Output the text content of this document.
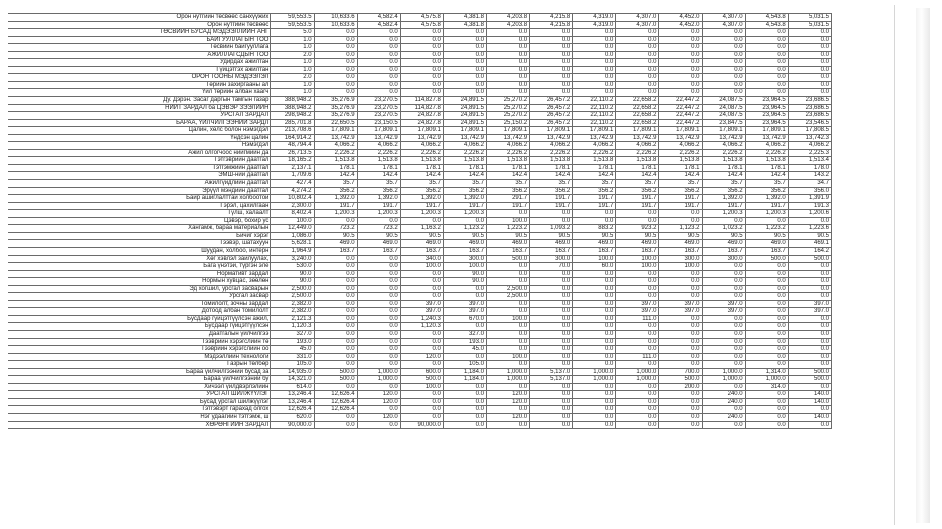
Орон нутгийн төсвөөс санхүүжих	59,553.5	10,633.6	4,582.4	4,575.8	4,381.8	4,203.8	4,215.8	4,319.0	4,307.0	4,452.0	4,307.0	4,543.8	5,031.5
Орон нутгийн төсвөөс	59,553.5	10,633.6	4,582.4	4,575.8	4,381.8	4,203.8	4,215.8	4,319.0	4,307.0	4,452.0	4,307.0	4,543.8	5,031.5
ТӨСВИЙН БУСАД МЭДЭЭЛЛИЙН АНГ	5.0	0.0	0.0	0.0	0.0	0.0	0.0	0.0	0.0	0.0	0.0	0.0	0.0
БАЙГУУЛЛАГЫН ТОО	1.0	0.0	0.0	0.0	0.0	0.0	0.0	0.0	0.0	0.0	0.0	0.0	0.0
Төсвийн байгууллага	1.0	0.0	0.0	0.0	0.0	0.0	0.0	0.0	0.0	0.0	0.0	0.0	0.0
АЖИЛЛАГСДЫН ТОО	2.0	0.0	0.0	0.0	0.0	0.0	0.0	0.0	0.0	0.0	0.0	0.0	0.0
Удирдах ажилтан	1.0	0.0	0.0	0.0	0.0	0.0	0.0	0.0	0.0	0.0	0.0	0.0	0.0
Гүйцэтгэх ажилтан	1.0	0.0	0.0	0.0	0.0	0.0	0.0	0.0	0.0	0.0	0.0	0.0	0.0
ОРОН ТООНЫ МЭДЭЭЛЭЛ	2.0	0.0	0.0	0.0	0.0	0.0	0.0	0.0	0.0	0.0	0.0	0.0	0.0
Төрийн захиргааны ал	1.0	0.0	0.0	0.0	0.0	0.0	0.0	0.0	0.0	0.0	0.0	0.0	0.0
Үйл төрийн албан хаагч	1.0	0.0	0.0	0.0	0.0	0.0	0.0	0.0	0.0	0.0	0.0	0.0	0.0
Ду. Дэрэн. Засаг даргын тамгын газар	388,948.2	35,276.9	23,270.5	114,827.8	24,891.5	25,270.2	26,457.2	22,110.2	22,658.2	22,447.2	24,087.5	23,964.5	23,686.5
НИЙТ ЗАРДАЛ ба ЦЭВЭР ЗЭЭЛИЙН	388,948.2	35,276.9	23,270.5	114,827.8	24,891.5	25,270.2	26,457.2	22,110.2	22,658.2	22,447.2	24,087.5	23,964.5	23,686.5
УРСГАЛ ЗАРДАЛ	298,948.2	35,276.9	23,270.5	24,827.8	24,891.5	25,270.2	26,457.2	22,110.2	22,658.2	22,447.2	24,087.5	23,964.5	23,686.5
БАРАА, ҮЙЛЧИЛГЭЭНИЙ ЗАРДЛ	285,701.8	22,650.5	23,150.5	24,827.8	24,891.5	25,150.2	26,457.2	22,110.2	22,658.2	22,447.2	23,847.5	23,964.5	23,546.5
Цалин, хөлс болон нэмэгдэл	213,708.6	17,809.1	17,809.1	17,809.1	17,809.1	17,809.1	17,809.1	17,809.1	17,809.1	17,809.1	17,809.1	17,809.1	17,808.5
Үндсэн цалин	164,914.2	13,742.9	13,742.9	13,742.9	13,742.9	13,742.9	13,742.9	13,742.9	13,742.9	13,742.9	13,742.9	13,742.9	13,742.3
Нэмэгдэл	48,794.4	4,066.2	4,066.2	4,066.2	4,066.2	4,066.2	4,066.2	4,066.2	4,066.2	4,066.2	4,066.2	4,066.2	4,066.2
Ажил олгогчоос нийгмийн да	26,713.5	2,226.2	2,226.2	2,226.2	2,226.2	2,226.2	2,226.2	2,226.2	2,226.2	2,226.2	2,226.2	2,226.2	2,225.3
Тэтгэврийн даатгал	18,165.2	1,513.8	1,513.8	1,513.8	1,513.8	1,513.8	1,513.8	1,513.8	1,513.8	1,513.8	1,513.8	1,513.8	1,513.4
Тэтгэмжийн даатгал	2,137.1	178.1	178.1	178.1	178.1	178.1	178.1	178.1	178.1	178.1	178.1	178.1	178.0
ЭМШ-ний даатгал	1,709.6	142.4	142.4	142.4	142.4	142.4	142.4	142.4	142.4	142.4	142.4	142.4	143.2
Ажилгүйдлийн даатгал	427.4	35.7	35.7	35.7	35.7	35.7	35.7	35.7	35.7	35.7	35.7	35.7	34.7
Эрүүл мэндийн даатгал	4,274.2	356.2	356.2	356.2	356.2	356.2	356.2	356.2	356.2	356.2	356.2	356.2	356.0
Байр ашиглалттай холбоотой	10,802.4	1,392.0	1,392.0	1,392.0	1,392.0	291.7	191.7	191.7	191.7	191.7	1,392.0	1,392.0	1,391.9
Гэрэл, цахилгаан	2,300.0	191.7	191.7	191.7	191.7	191.7	191.7	191.7	191.7	191.7	191.7	191.7	191.3
Түлш, халаалт	8,402.4	1,200.3	1,200.3	1,200.3	1,200.3	0.0	0.0	0.0	0.0	0.0	1,200.3	1,200.3	1,200.6
Цэвэр, бохир ус	100.0	0.0	0.0	0.0	0.0	100.0	0.0	0.0	0.0	0.0	0.0	0.0	0.0
Хангамж, бараа материалын	12,449.0	723.2	723.2	1,163.2	1,123.2	1,223.2	1,093.2	883.2	923.2	1,123.2	1,023.2	1,223.2	1,223.6
Бичиг хэрэг	1,086.0	90.5	90.5	90.5	90.5	90.5	90.5	90.5	90.5	90.5	90.5	90.5	90.5
Тээвэр, шатахуун	5,628.1	469.0	469.0	469.0	469.0	469.0	469.0	469.0	469.0	469.0	469.0	469.0	469.1
Шуудан, холбоо, интерн	1,964.9	163.7	163.7	163.7	163.7	163.7	163.7	163.7	163.7	163.7	163.7	163.7	164.2
Хөг хэвлэл зайлуулах,	3,240.0	0.0	0.0	340.0	300.0	500.0	300.0	100.0	100.0	300.0	300.0	500.0	500.0
Бага үнэтэй, түргэн эле	530.0	0.0	0.0	100.0	100.0	0.0	70.0	60.0	100.0	100.0	0.0	0.0	0.0
Нормативт зардал	90.0	0.0	0.0	0.0	90.0	0.0	0.0	0.0	0.0	0.0	0.0	0.0	0.0
Нормын хувцас, зөөлөн	90.0	0.0	0.0	0.0	90.0	0.0	0.0	0.0	0.0	0.0	0.0	0.0	0.0
Эд хогшил, урсгал засварын	2,500.0	0.0	0.0	0.0	0.0	2,500.0	0.0	0.0	0.0	0.0	0.0	0.0	0.0
Урсгал засвар	2,500.0	0.0	0.0	0.0	0.0	2,500.0	0.0	0.0	0.0	0.0	0.0	0.0	0.0
Томилолт, зочны зардал	2,382.0	0.0	0.0	397.0	397.0	0.0	0.0	0.0	397.0	397.0	397.0	0.0	397.0
Дотоод албан томилолт	2,382.0	0.0	0.0	397.0	397.0	0.0	0.0	0.0	397.0	397.0	397.0	0.0	397.0
Бусдаар гүйцэтгүүлсэн ажил,	2,121.3	0.0	0.0	1,240.3	670.0	100.0	0.0	0.0	111.0	0.0	0.0	0.0	0.0
Бусдаар гүйцэтгүүлсэн	1,120.3	0.0	0.0	1,120.3	0.0	0.0	0.0	0.0	0.0	0.0	0.0	0.0	0.0
Даатгалын үйлчилгээ	327.0	0.0	0.0	0.0	327.0	0.0	0.0	0.0	0.0	0.0	0.0	0.0	0.0
Тээврийн хэрэгслийн тө	193.0	0.0	0.0	0.0	193.0	0.0	0.0	0.0	0.0	0.0	0.0	0.0	0.0
Тээврийн хэрэгслийн оо	45.0	0.0	0.0	0.0	45.0	0.0	0.0	0.0	0.0	0.0	0.0	0.0	0.0
Мэдээллийн технологи	331.0	0.0	0.0	120.0	0.0	100.0	0.0	0.0	111.0	0.0	0.0	0.0	0.0
Газрын төлбөр	105.0	0.0	0.0	0.0	105.0	0.0	0.0	0.0	0.0	0.0	0.0	0.0	0.0
Бараа үйлчилгээний бусад за	14,935.0	500.0	1,000.0	600.0	1,184.0	1,000.0	5,137.0	1,000.0	1,000.0	700.0	1,000.0	1,314.0	500.0
Бараа үйлчилгээний бу	14,321.0	500.0	1,000.0	500.0	1,184.0	1,000.0	5,137.0	1,000.0	1,000.0	500.0	1,000.0	1,000.0	500.0
Хичээл үйлдвэрлэлийн	614.0	0.0	0.0	100.0	0.0	0.0	0.0	0.0	0.0	200.0	0.0	314.0	0.0
УРСГАЛ ШИЛЖҮҮЛЭГ	13,246.4	12,626.4	120.0	0.0	0.0	120.0	0.0	0.0	0.0	0.0	240.0	0.0	140.0
Бусад урсгал шилжүүлэг	13,246.4	12,626.4	120.0	0.0	0.0	120.0	0.0	0.0	0.0	0.0	240.0	0.0	140.0
Тэтгэвэрт гарахад олгох	12,626.4	12,626.4	0.0	0.0	0.0	0.0	0.0	0.0	0.0	0.0	0.0	0.0	0.0
Нэг удаагийн тэтгэмж, ш	620.0	0.0	120.0	0.0	0.0	120.0	0.0	0.0	0.0	0.0	240.0	0.0	140.0
ХӨРӨНГИЙН ЗАРДАЛ	90,000.0	0.0	0.0	90,000.0	0.0	0.0	0.0	0.0	0.0	0.0	0.0	0.0	0.0
